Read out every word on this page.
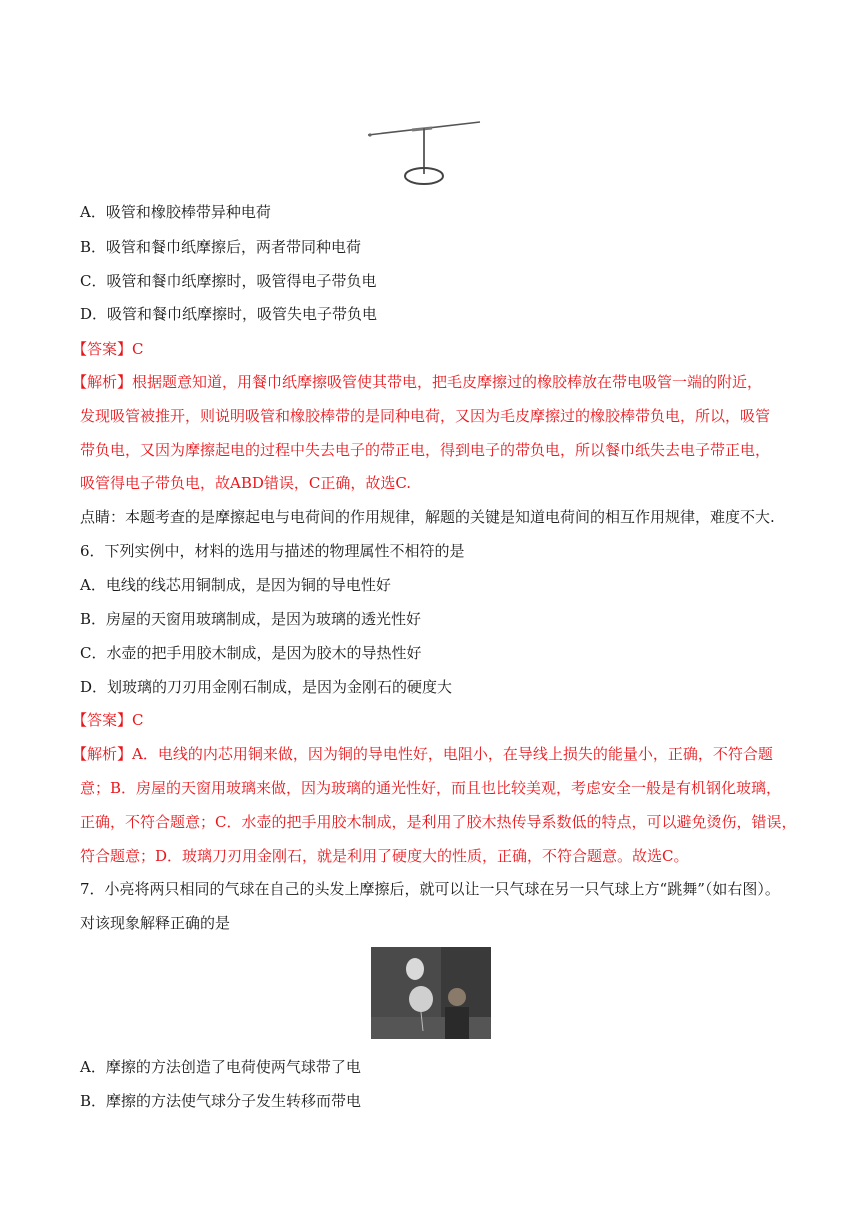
A．吸管和橡胶棒带异种电荷
B．吸管和餐巾纸摩擦后，两者带同种电荷
C．吸管和餐巾纸摩擦时，吸管得电子带负电
D．吸管和餐巾纸摩擦时，吸管失电子带负电
【答案】C
【解析】根据题意知道，用餐巾纸摩擦吸管使其带电，把毛皮摩擦过的橡胶棒放在带电吸管一端的附近，
发现吸管被推开，则说明吸管和橡胶棒带的是同种电荷，又因为毛皮摩擦过的橡胶棒带负电，所以，吸管
带负电，又因为摩擦起电的过程中失去电子的带正电，得到电子的带负电，所以餐巾纸失去电子带正电，
吸管得电子带负电，故ABD错误，C正确，故选C.
点睛：本题考查的是摩擦起电与电荷间的作用规律，解题的关键是知道电荷间的相互作用规律，难度不大.
6．下列实例中，材料的选用与描述的物理属性不相符的是
A．电线的线芯用铜制成，是因为铜的导电性好
B．房屋的天窗用玻璃制成，是因为玻璃的透光性好
C．水壶的把手用胶木制成，是因为胶木的导热性好
D．划玻璃的刀刃用金刚石制成，是因为金刚石的硬度大
【答案】C
【解析】A．电线的内芯用铜来做，因为铜的导电性好，电阻小，在导线上损失的能量小，正确，不符合题
意；B．房屋的天窗用玻璃来做，因为玻璃的通光性好，而且也比较美观，考虑安全一般是有机钢化玻璃，
正确，不符合题意；C．水壶的把手用胶木制成，是利用了胶木热传导系数低的特点，可以避免烫伤，错误，
符合题意；D．玻璃刀刃用金刚石，就是利用了硬度大的性质，正确，不符合题意。故选C。
7．小亮将两只相同的气球在自己的头发上摩擦后，就可以让一只气球在另一只气球上方“跳舞”（如右图）。
对该现象解释正确的是
A．摩擦的方法创造了电荷使两气球带了电
B．摩擦的方法使气球分子发生转移而带电
